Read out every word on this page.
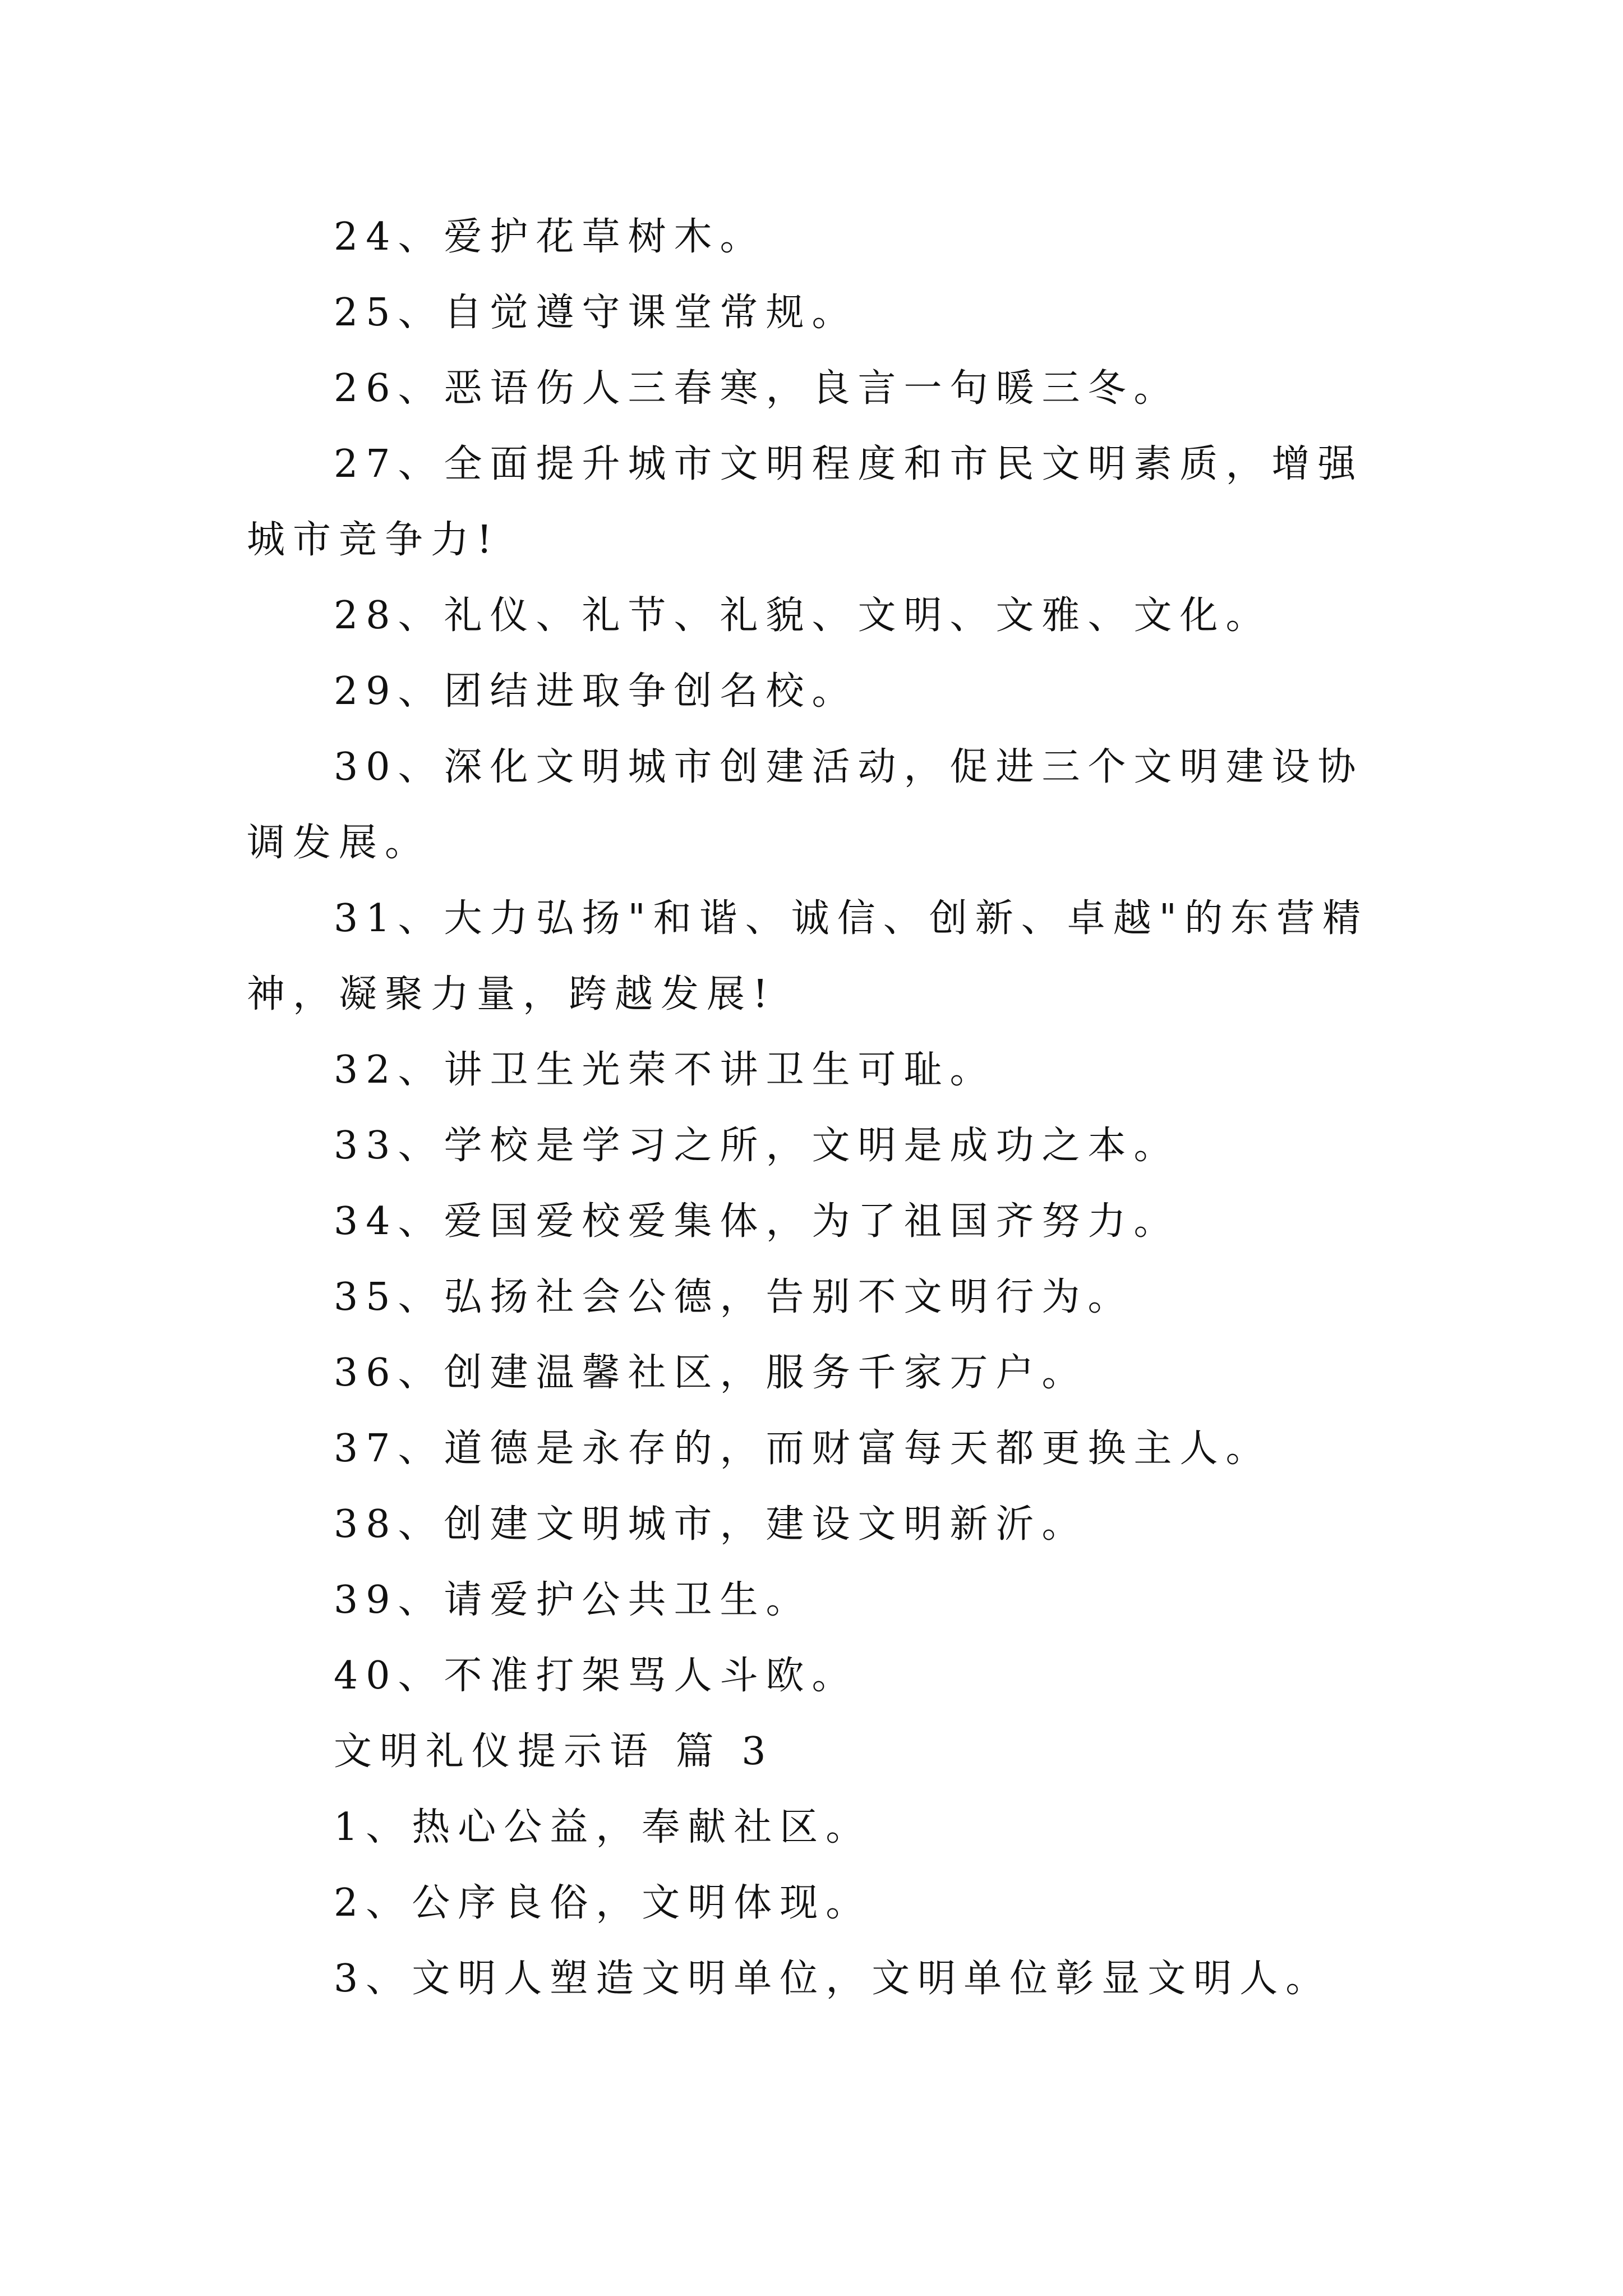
24、爱护花草树木。

25、自觉遵守课堂常规。

26、恶语伤人三春寒，良言一句暖三冬。

27、全面提升城市文明程度和市民文明素质，增强城市竞争力!

28、礼仪、礼节、礼貌、文明、文雅、文化。

29、团结进取争创名校。

30、深化文明城市创建活动，促进三个文明建设协调发展。

31、大力弘扬"和谐、诚信、创新、卓越"的东营精神，凝聚力量，跨越发展!

32、讲卫生光荣不讲卫生可耻。

33、学校是学习之所，文明是成功之本。

34、爱国爱校爱集体，为了祖国齐努力。

35、弘扬社会公德，告别不文明行为。

36、创建温馨社区，服务千家万户。

37、道德是永存的，而财富每天都更换主人。

38、创建文明城市，建设文明新沂。

39、请爱护公共卫生。

40、不准打架骂人斗欧。

文明礼仪提示语 篇 3

1、热心公益，奉献社区。

2、公序良俗，文明体现。

3、文明人塑造文明单位，文明单位彰显文明人。
